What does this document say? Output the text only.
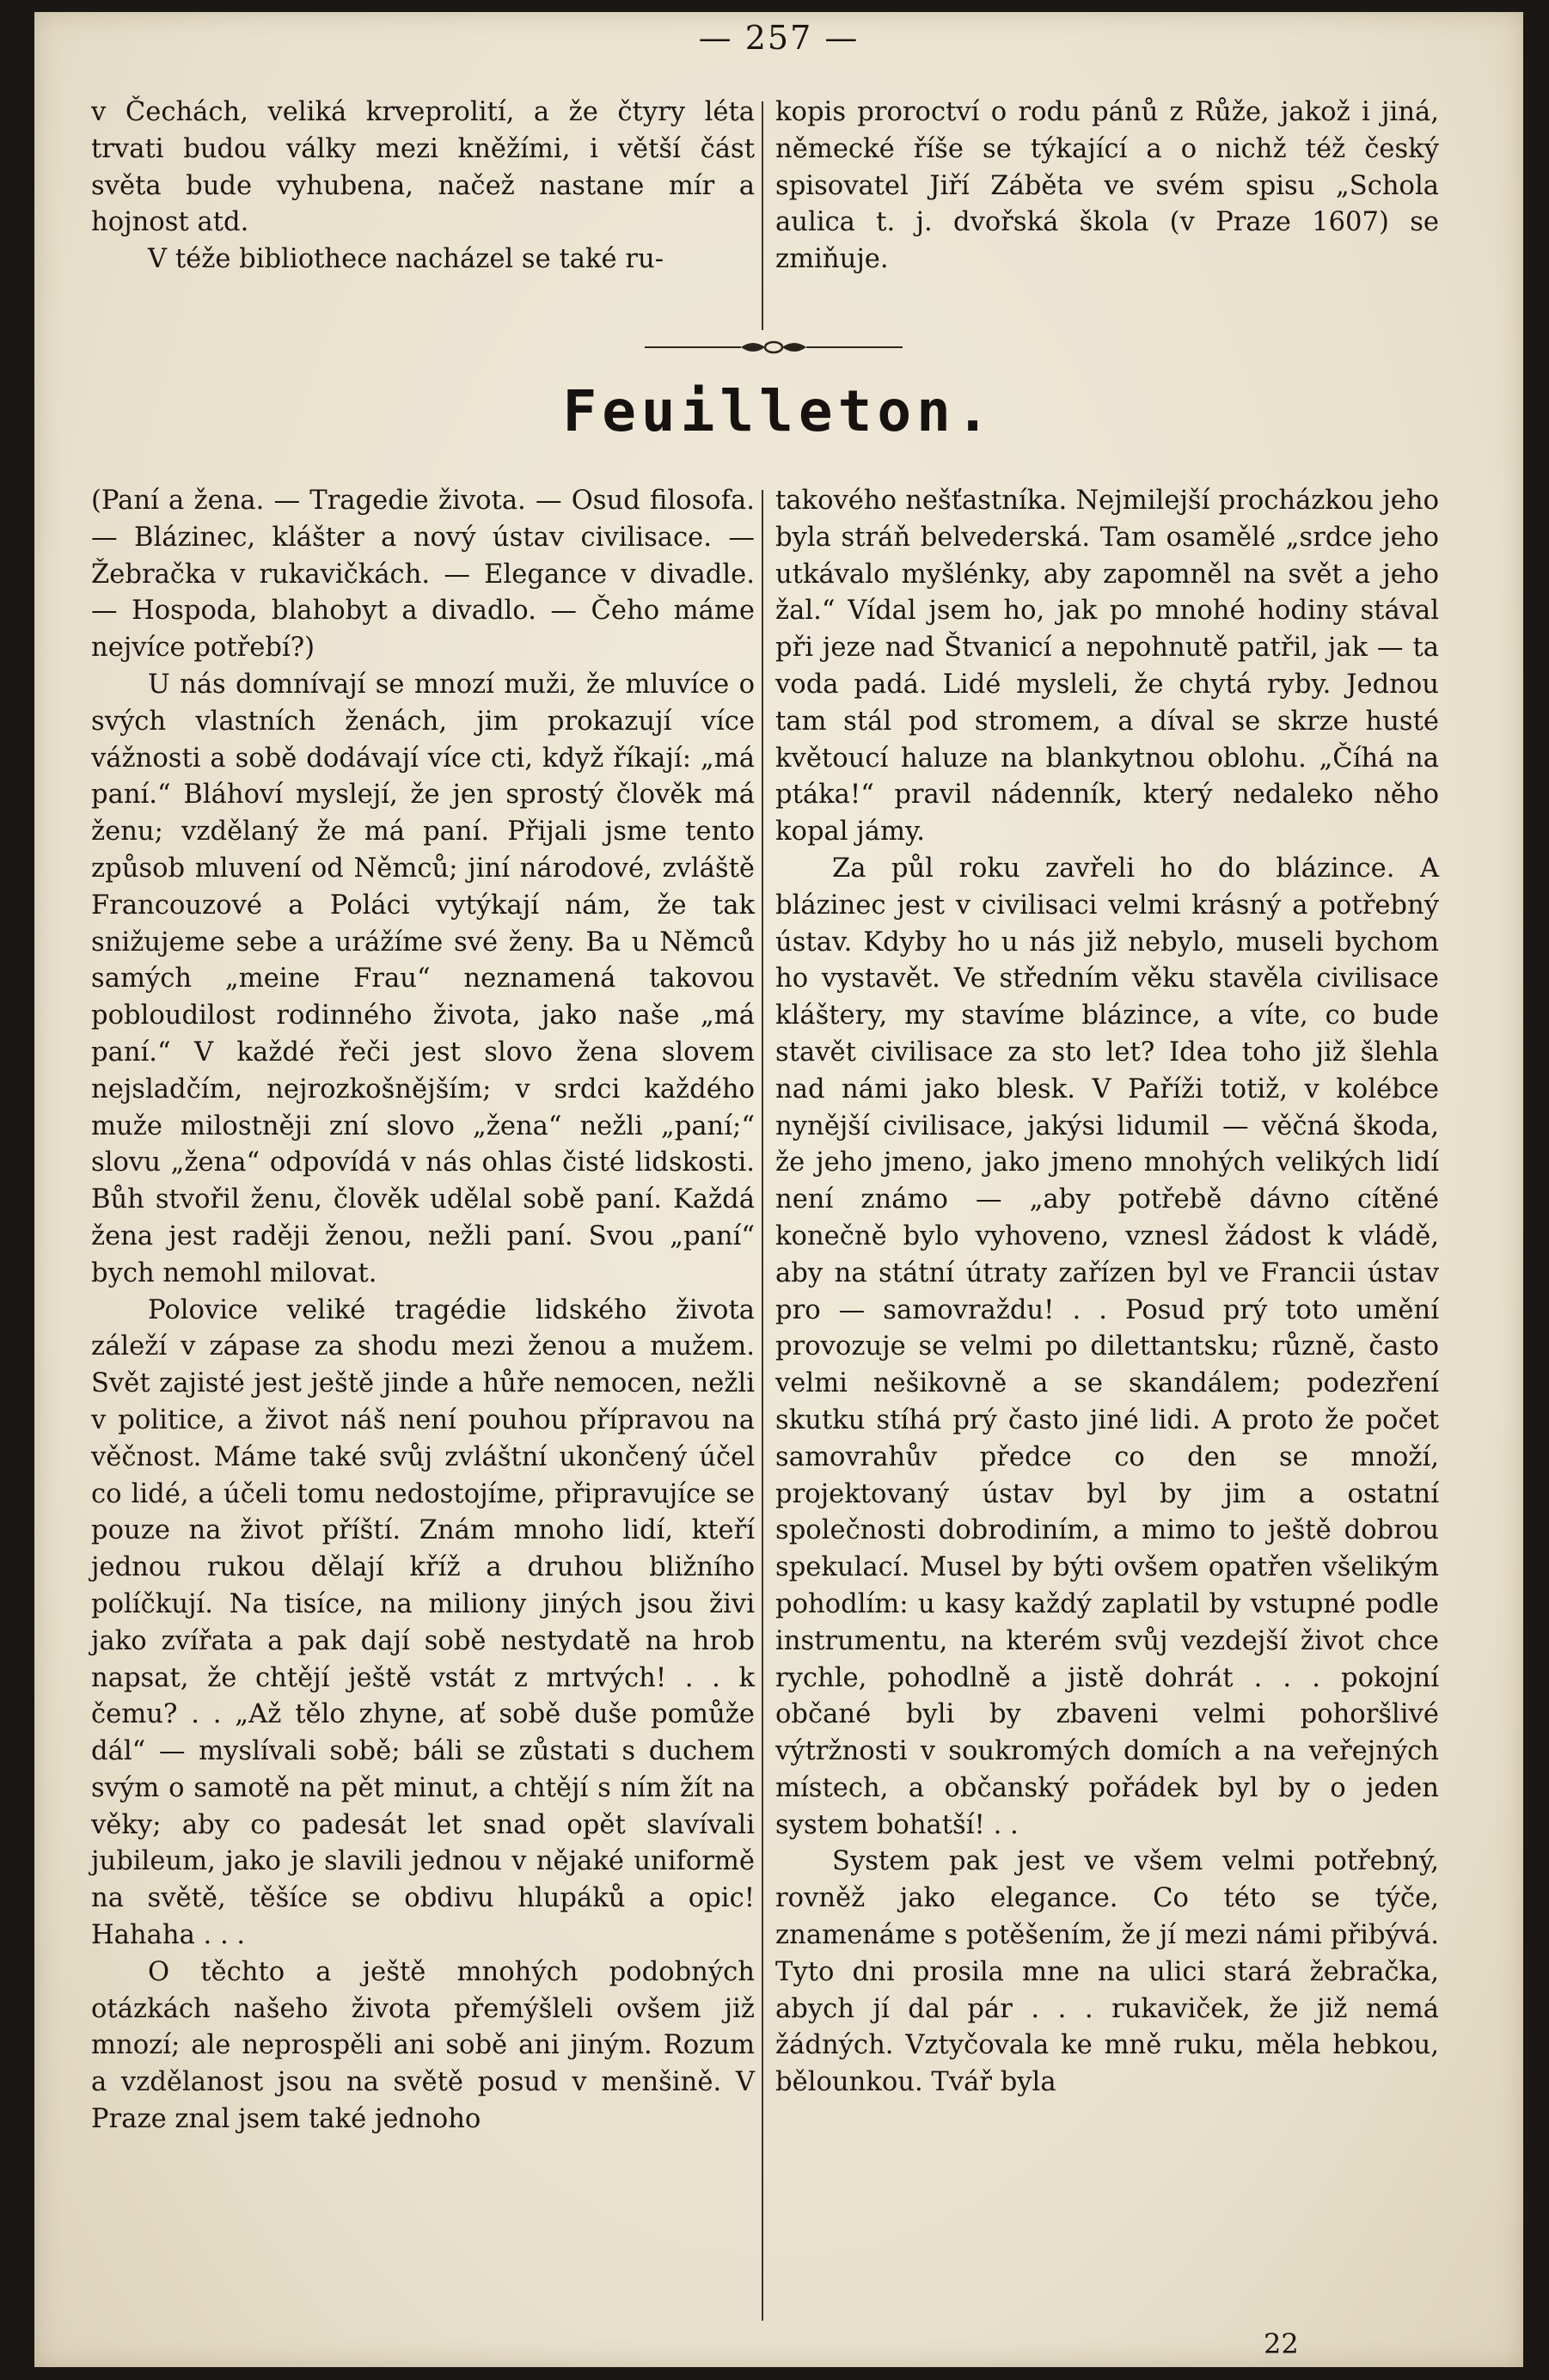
— 257 —

v Čechách, veliká krveprolití, a že čtyry léta trvati budou války mezi kněžími, i větší část světa bude vyhubena, načež nastane mír a hojnost atd.

V téže bibliothece nacházel se také ru-

kopis proroctví o rodu pánů z Růže, jakož i jiná, německé říše se týkající a o nichž též český spisovatel Jiří Záběta ve svém spisu „Schola aulica t. j. dvořská škola (v Praze 1607) se zmiňuje.

Feuilleton.

(Paní a žena. — Tragedie života. — Osud filosofa. — Blázinec, klášter a nový ústav civilisace. — Žebračka v rukavičkách. — Elegance v divadle. — Hospoda, blahobyt a divadlo. — Čeho máme nejvíce potřebí?)

U nás domnívají se mnozí muži, že mluvíce o svých vlastních ženách, jim prokazují více vážnosti a sobě dodávají více cti, když říkají: „má paní.“ Bláhoví myslejí, že jen sprostý člověk má ženu; vzdělaný že má paní. Přijali jsme tento způsob mluvení od Němců; jiní národové, zvláště Francouzové a Poláci vytýkají nám, že tak snižujeme sebe a urážíme své ženy. Ba u Němců samých „meine Frau“ neznamená takovou pobloudilost rodinného života, jako naše „má paní.“ V každé řeči jest slovo žena slovem nejsladčím, nejrozkošnějším; v srdci každého muže milostněji zní slovo „žena“ nežli „paní;“ slovu „žena“ odpovídá v nás ohlas čisté lidskosti. Bůh stvořil ženu, člověk udělal sobě paní. Každá žena jest raději ženou, nežli paní. Svou „paní“ bych nemohl milovat.

Polovice veliké tragédie lidského života záleží v zápase za shodu mezi ženou a mužem. Svět zajisté jest ještě jinde a hůře nemocen, nežli v politice, a život náš není pouhou přípravou na věčnost. Máme také svůj zvláštní ukončený účel co lidé, a účeli tomu nedostojíme, připravujíce se pouze na život příští. Znám mnoho lidí, kteří jednou rukou dělají kříž a druhou bližního políčkují. Na tisíce, na miliony jiných jsou živi jako zvířata a pak dají sobě nestydatě na hrob napsat, že chtějí ještě vstát z mrtvých! . . k čemu? . . „Až tělo zhyne, ať sobě duše pomůže dál“ — myslívali sobě; báli se zůstati s duchem svým o samotě na pět minut, a chtějí s ním žít na věky; aby co padesát let snad opět slavívali jubileum, jako je slavili jednou v nějaké uniformě na světě, těšíce se obdivu hlupáků a opic! Hahaha . . .

O těchto a ještě mnohých podobných otázkách našeho života přemýšleli ovšem již mnozí; ale neprospěli ani sobě ani jiným. Rozum a vzdělanost jsou na světě posud v menšině. V Praze znal jsem také jednoho

takového nešťastníka. Nejmilejší procházkou jeho byla stráň belvederská. Tam osamělé „srdce jeho utkávalo myšlénky, aby zapomněl na svět a jeho žal.“ Vídal jsem ho, jak po mnohé hodiny stával při jeze nad Štvanicí a nepohnutě patřil, jak — ta voda padá. Lidé mysleli, že chytá ryby. Jednou tam stál pod stromem, a díval se skrze husté květoucí haluze na blankytnou oblohu. „Číhá na ptáka!“ pravil nádenník, který nedaleko něho kopal jámy.

Za půl roku zavřeli ho do blázince. A blázinec jest v civilisaci velmi krásný a potřebný ústav. Kdyby ho u nás již nebylo, museli bychom ho vystavět. Ve středním věku stavěla civilisace kláštery, my stavíme blázince, a víte, co bude stavět civilisace za sto let? Idea toho již šlehla nad námi jako blesk. V Paříži totiž, v kolébce nynější civilisace, jakýsi lidumil — věčná škoda, že jeho jmeno, jako jmeno mnohých velikých lidí není známo — „aby potřebě dávno cítěné konečně bylo vyhoveno, vznesl žádost k vládě, aby na státní útraty zařízen byl ve Francii ústav pro — samovraždu! . . Posud prý toto umění provozuje se velmi po dilettantsku; různě, často velmi nešikovně a se skandálem; podezření skutku stíhá prý často jiné lidi. A proto že počet samovrahův předce co den se množí, projektovaný ústav byl by jim a ostatní společnosti dobrodiním, a mimo to ještě dobrou spekulací. Musel by býti ovšem opatřen všelikým pohodlím: u kasy každý zaplatil by vstupné podle instrumentu, na kterém svůj vezdejší život chce rychle, pohodlně a jistě dohrát . . . pokojní občané byli by zbaveni velmi pohoršlivé výtržnosti v soukromých domích a na veřejných místech, a občanský pořádek byl by o jeden system bohatší! . .

System pak jest ve všem velmi potřebný, rovněž jako elegance. Co této se týče, znamenáme s potěšením, že jí mezi námi přibývá. Tyto dni prosila mne na ulici stará žebračka, abych jí dal pár . . . rukaviček, že již nemá žádných. Vztyčovala ke mně ruku, měla hebkou, bělounkou. Tvář byla

22
